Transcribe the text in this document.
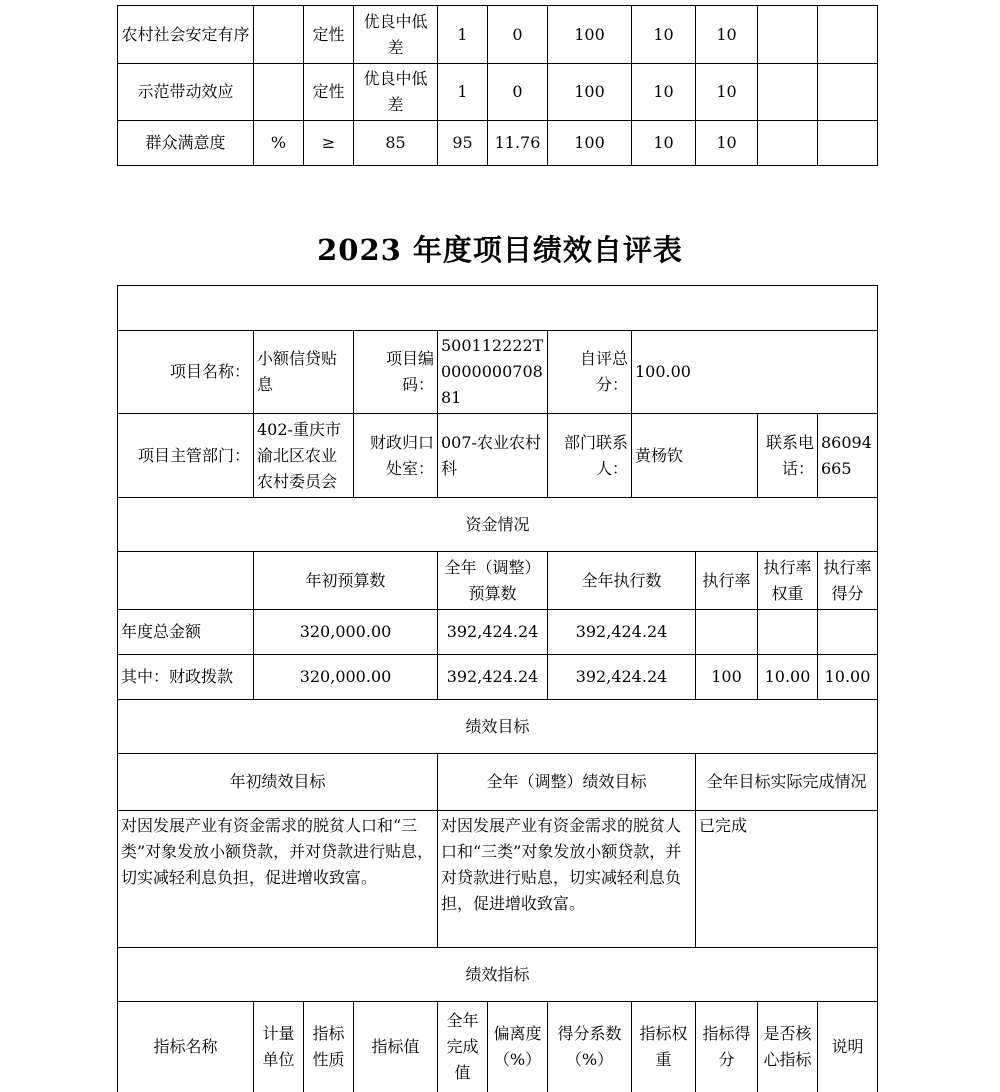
农村社会安定有序		定性	优良中低差	1	0	100	10	10		
示范带动效应		定性	优良中低差	1	0	100	10	10		
群众满意度	%	≥	85	95	11.76	100	10	10		
2023 年度项目绩效自评表

项目名称：	小额信贷贴息		项目编码：	500112222T000000070881		自评总分：	100.00			
项目主管部门：	402-重庆市渝北区农业农村委员会		财政归口处室：	007-农业农村科		部门联系人：	黄杨钦		联系电话：	86094665
资金情况										
	年初预算数			全年（调整）预算数		全年执行数		执行率	执行率权重	执行率得分
年度总金额	320,000.00			392,424.24		392,424.24				
其中：财政拨款	320,000.00			392,424.24		392,424.24		100	10.00	10.00
绩效目标										
年初绩效目标				全年（调整）绩效目标				全年目标实际完成情况		
对因发展产业有资金需求的脱贫人口和“三类”对象发放小额贷款，并对贷款进行贴息，切实减轻利息负担，促进增收致富。				对因发展产业有资金需求的脱贫人口和“三类”对象发放小额贷款，并对贷款进行贴息，切实减轻利息负担，促进增收致富。				已完成		
绩效指标										
指标名称	计量单位	指标性质	指标值	全年完成值	偏离度（%）	得分系数（%）	指标权重	指标得分	是否核心指标	说明
